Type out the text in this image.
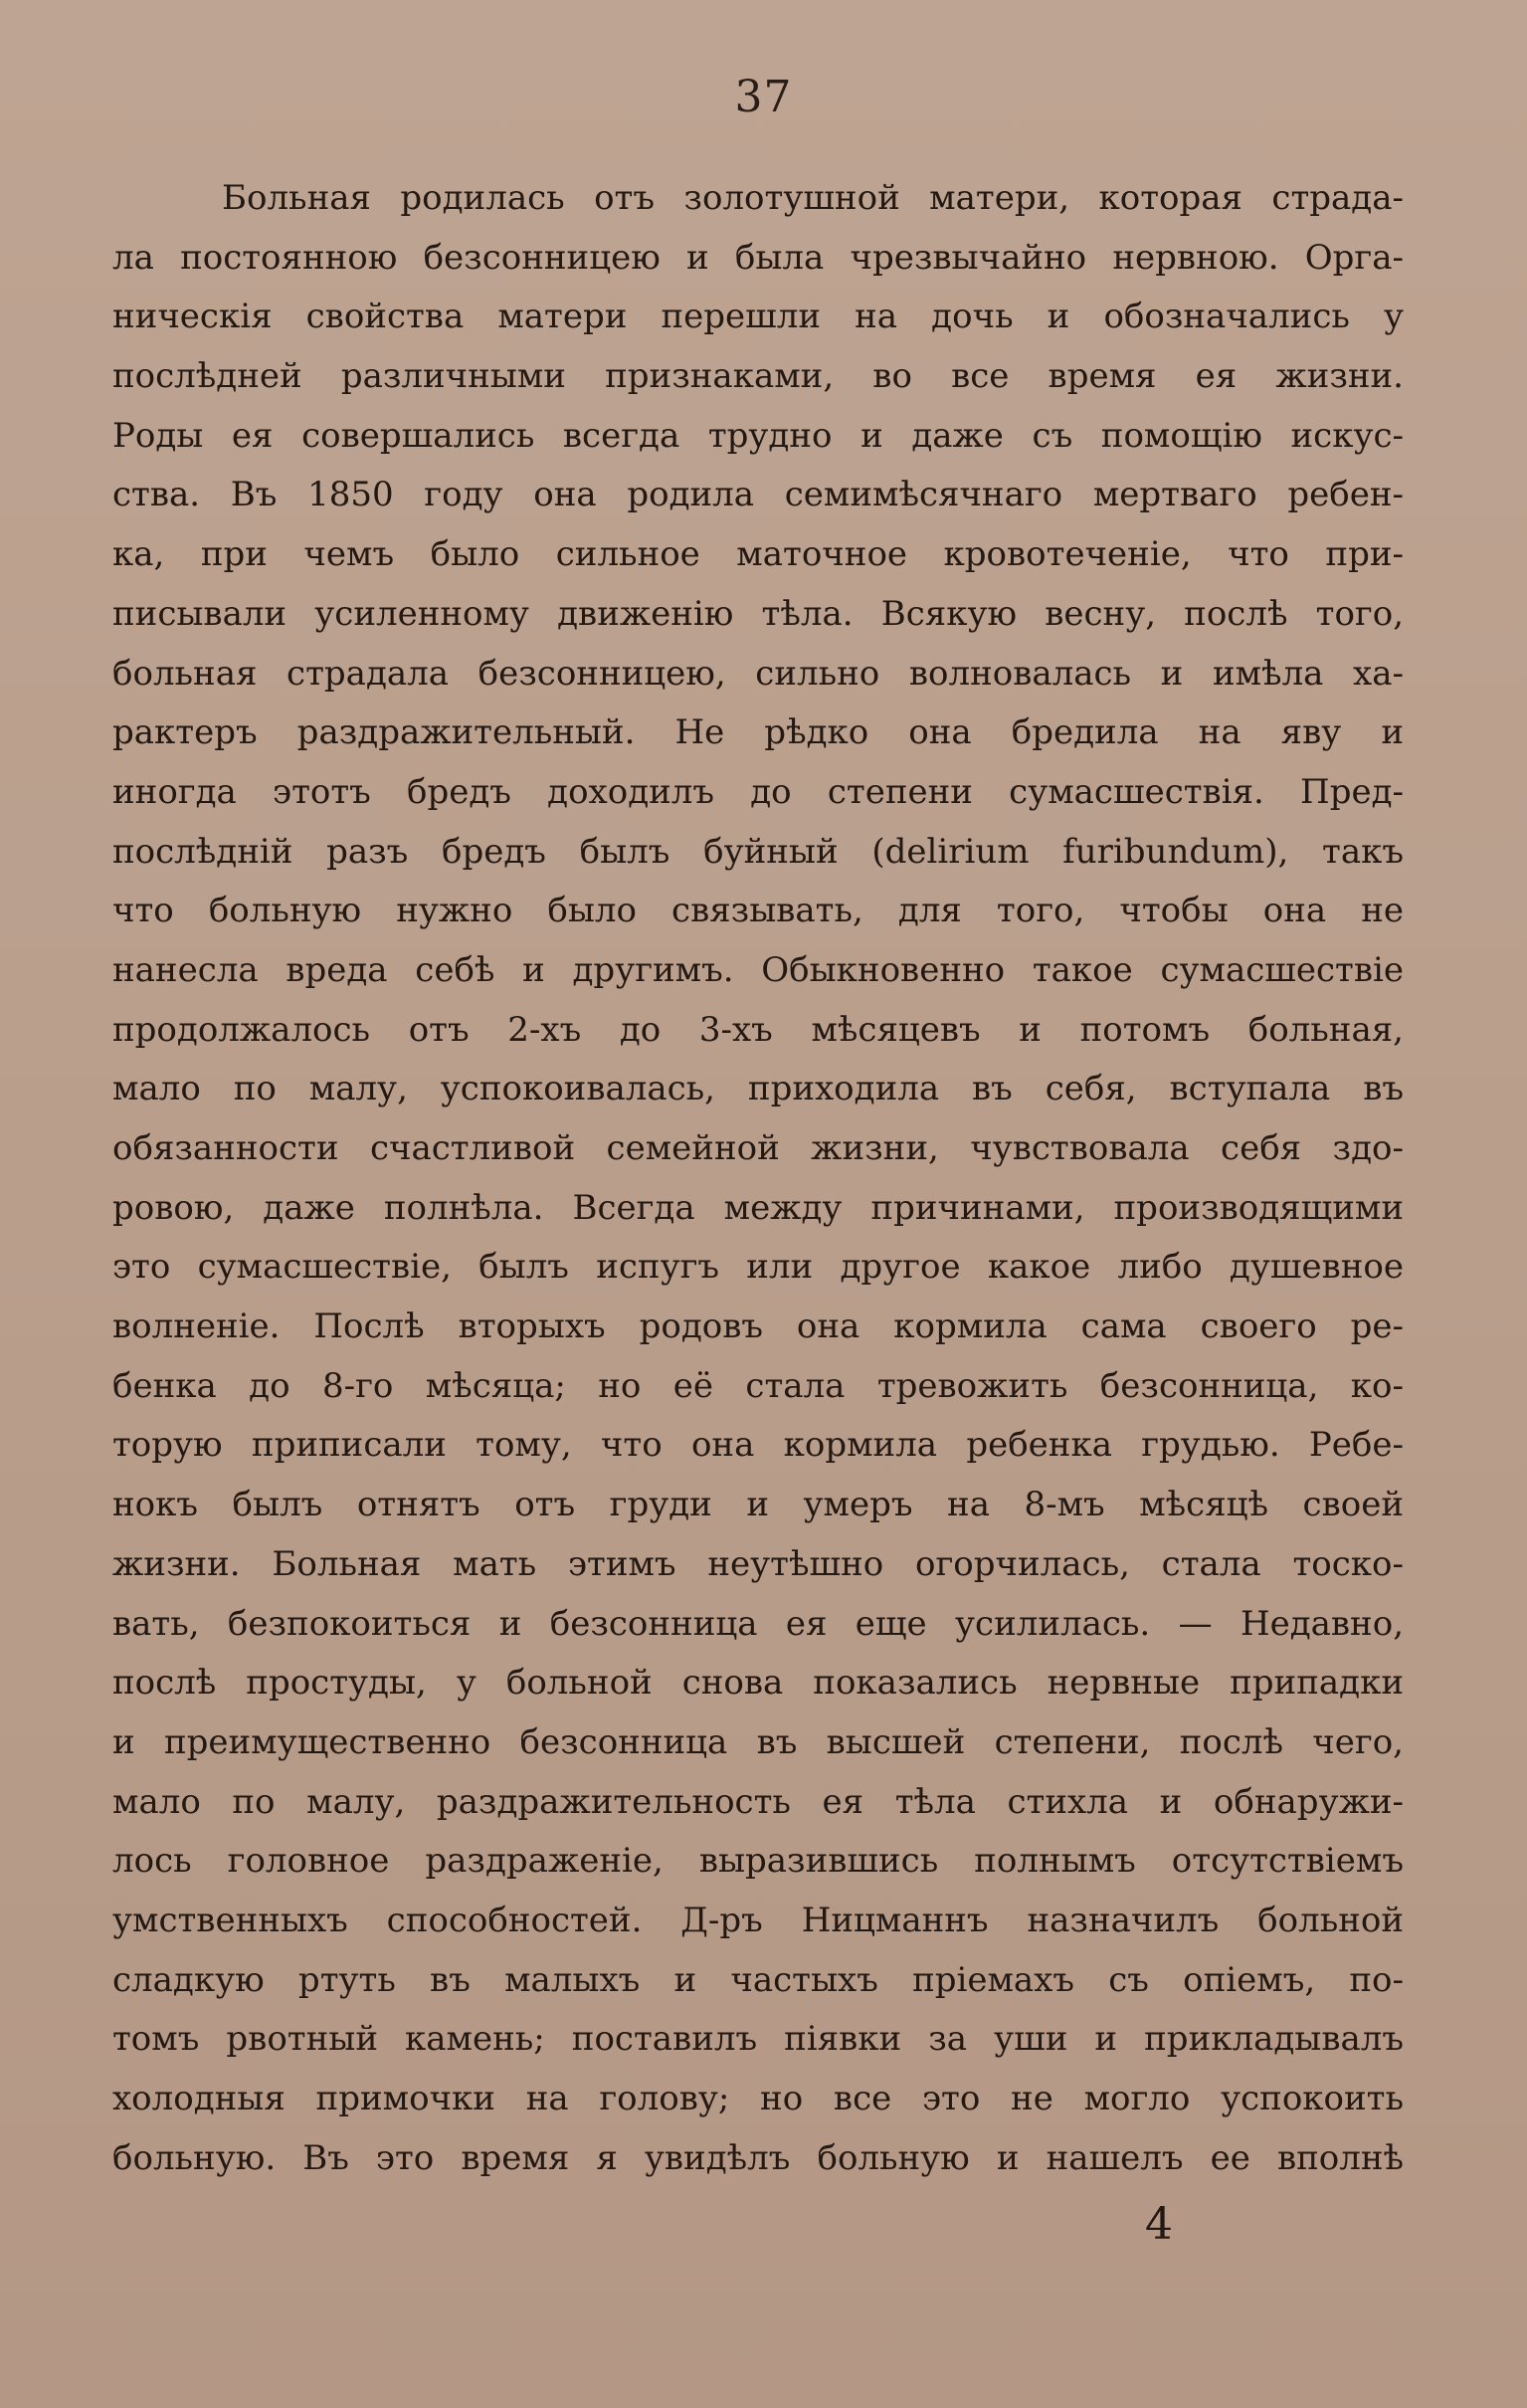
37
Больная родилась отъ золотушной матери, которая страда-
ла постоянною безсонницею и была чрезвычайно нервною. Орга-
ническія свойства матери перешли на дочь и обозначались у
послѣдней различными признаками, во все время ея жизни.
Роды ея совершались всегда трудно и даже съ помощію искус-
ства. Въ 1850 году она родила семимѣсячнаго мертваго ребен-
ка, при чемъ было сильное маточное кровотеченіе, что при-
писывали усиленному движенію тѣла. Всякую весну, послѣ того,
больная страдала безсонницею, сильно волновалась и имѣла ха-
рактеръ раздражительный. Не рѣдко она бредила на яву и
иногда этотъ бредъ доходилъ до степени сумасшествія. Пред-
послѣдній разъ бредъ былъ буйный (delirium furibundum), такъ
что больную нужно было связывать, для того, чтобы она не
нанесла вреда себѣ и другимъ. Обыкновенно такое сумасшествіе
продолжалось отъ 2-хъ до 3-хъ мѣсяцевъ и потомъ больная,
мало по малу, успокоивалась, приходила въ себя, вступала въ
обязанности счастливой семейной жизни, чувствовала себя здо-
ровою, даже полнѣла. Всегда между причинами, производящими
это сумасшествіе, былъ испугъ или другое какое либо душевное
волненіе. Послѣ вторыхъ родовъ она кормила сама своего ре-
бенка до 8-го мѣсяца; но её стала тревожить безсонница, ко-
торую приписали тому, что она кормила ребенка грудью. Ребе-
нокъ былъ отнятъ отъ груди и умеръ на 8-мъ мѣсяцѣ своей
жизни. Больная мать этимъ неутѣшно огорчилась, стала тоско-
вать, безпокоиться и безсонница ея еще усилилась. — Недавно,
послѣ простуды, у больной снова показались нервные припадки
и преимущественно безсонница въ высшей степени, послѣ чего,
мало по малу, раздражительность ея тѣла стихла и обнаружи-
лось головное раздраженіе, выразившись полнымъ отсутствіемъ
умственныхъ способностей. Д-ръ Ницманнъ назначилъ больной
сладкую ртуть въ малыхъ и частыхъ пріемахъ съ опіемъ, по-
томъ рвотный камень; поставилъ піявки за уши и прикладывалъ
холодныя примочки на голову; но все это не могло успокоить
больную. Въ это время я увидѣлъ больную и нашелъ ее вполнѣ
4
